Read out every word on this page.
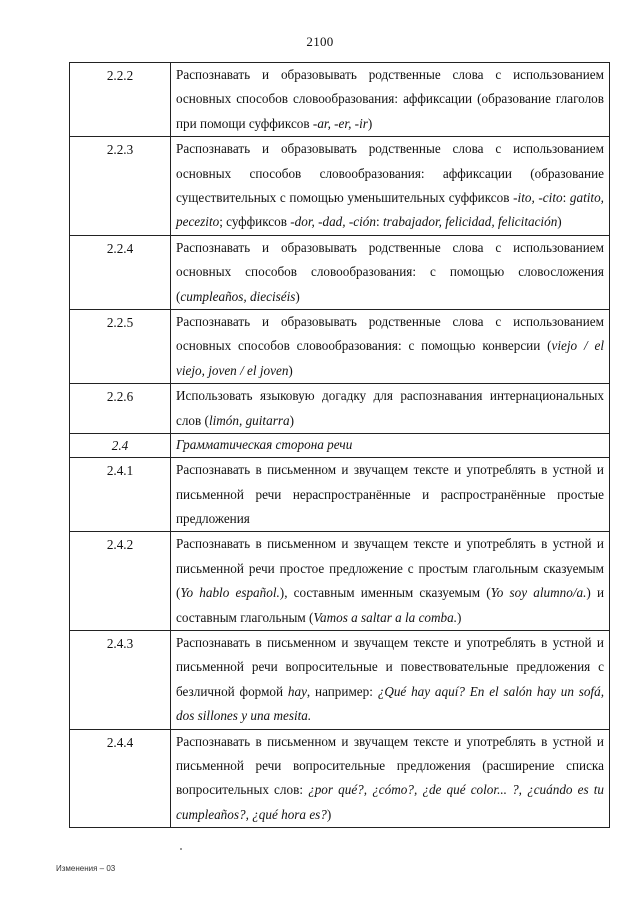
2100
2.2.2	Распознавать и образовывать родственные слова с использованием основных способов словообразования: аффиксации (образование глаголов при помощи суффиксов -ar, -er, -ir)
2.2.3	Распознавать и образовывать родственные слова с использованием основных способов словообразования: аффиксации (образование существительных с помощью уменьшительных суффиксов -ito, -cito: gatito, pecezito; суффиксов -dor, -dad, -ción: trabajador, felicidad, felicitación)
2.2.4	Распознавать и образовывать родственные слова с использованием основных способов словообразования: с помощью словосложения (cumpleaños, dieciséis)
2.2.5	Распознавать и образовывать родственные слова с использованием основных способов словообразования: с помощью конверсии (viejo / el viejo, joven / el joven)
2.2.6	Использовать языковую догадку для распознавания интернациональных слов (limón, guitarra)
2.4	Грамматическая сторона речи
2.4.1	Распознавать в письменном и звучащем тексте и употреблять в устной и письменной речи нераспространённые и распространённые простые предложения
2.4.2	Распознавать в письменном и звучащем тексте и употреблять в устной и письменной речи простое предложение с простым глагольным сказуемым (Yo hablo español.), составным именным сказуемым (Yo soy alumno/a.) и составным глагольным (Vamos a saltar a la comba.)
2.4.3	Распознавать в письменном и звучащем тексте и употреблять в устной и письменной речи вопросительные и повествовательные предложения с безличной формой hay, например: ¿Qué hay aquí? En el salón hay un sofá, dos sillones y una mesita.
2.4.4	Распознавать в письменном и звучащем тексте и употреблять в устной и письменной речи вопросительные предложения (расширение списка вопросительных слов: ¿por qué?, ¿cómo?, ¿de qué color... ?, ¿cuándo es tu cumpleaños?, ¿qué hora es?)
Изменения – 03
